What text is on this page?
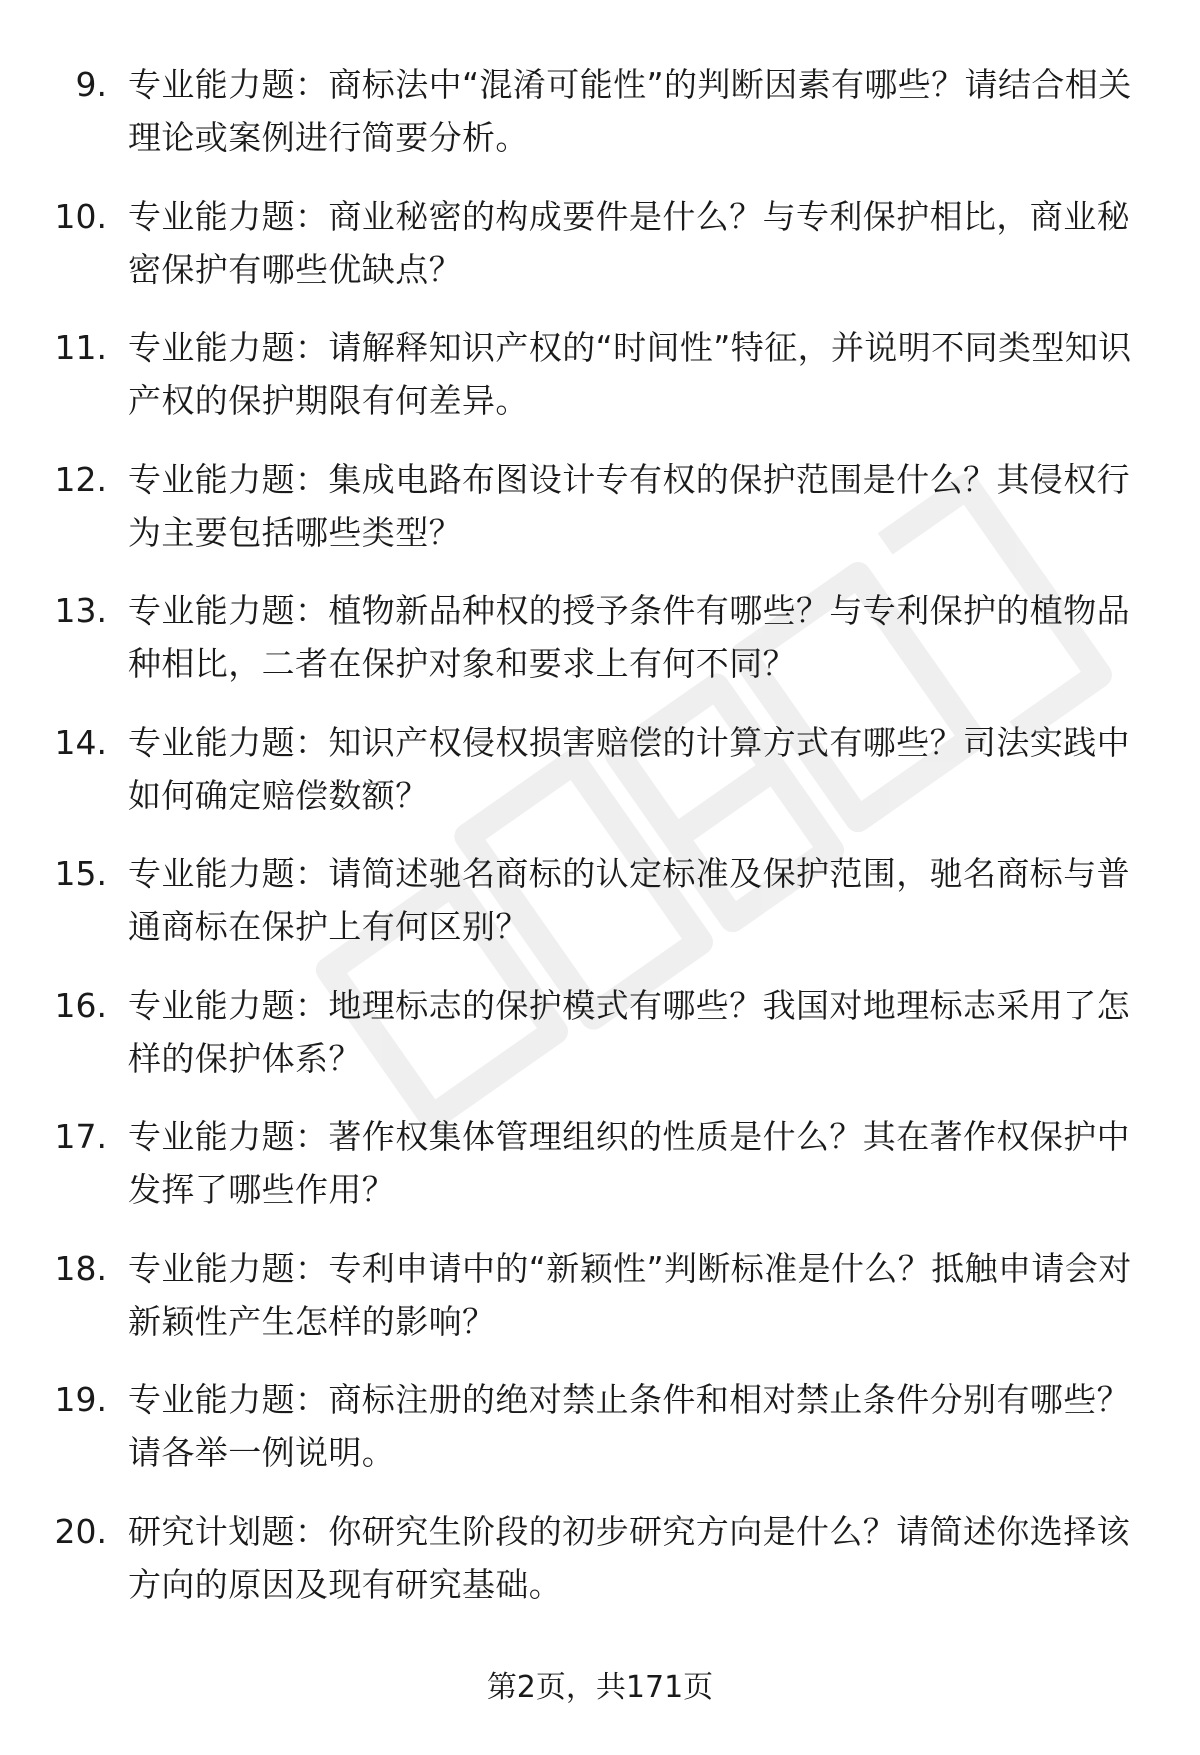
9. 专业能力题：商标法中“混淆可能性”的判断因素有哪些？请结合相关理论或案例进行简要分析。

10. 专业能力题：商业秘密的构成要件是什么？与专利保护相比，商业秘密保护有哪些优缺点？

11. 专业能力题：请解释知识产权的“时间性”特征，并说明不同类型知识产权的保护期限有何差异。

12. 专业能力题：集成电路布图设计专有权的保护范围是什么？其侵权行为主要包括哪些类型？

13. 专业能力题：植物新品种权的授予条件有哪些？与专利保护的植物品种相比，二者在保护对象和要求上有何不同？

14. 专业能力题：知识产权侵权损害赔偿的计算方式有哪些？司法实践中如何确定赔偿数额？

15. 专业能力题：请简述驰名商标的认定标准及保护范围，驰名商标与普通商标在保护上有何区别？

16. 专业能力题：地理标志的保护模式有哪些？我国对地理标志采用了怎样的保护体系？

17. 专业能力题：著作权集体管理组织的性质是什么？其在著作权保护中发挥了哪些作用？

18. 专业能力题：专利申请中的“新颖性”判断标准是什么？抵触申请会对新颖性产生怎样的影响？

19. 专业能力题：商标注册的绝对禁止条件和相对禁止条件分别有哪些？请各举一例说明。

20. 研究计划题：你研究生阶段的初步研究方向是什么？请简述你选择该方向的原因及现有研究基础。

第2页，共171页
